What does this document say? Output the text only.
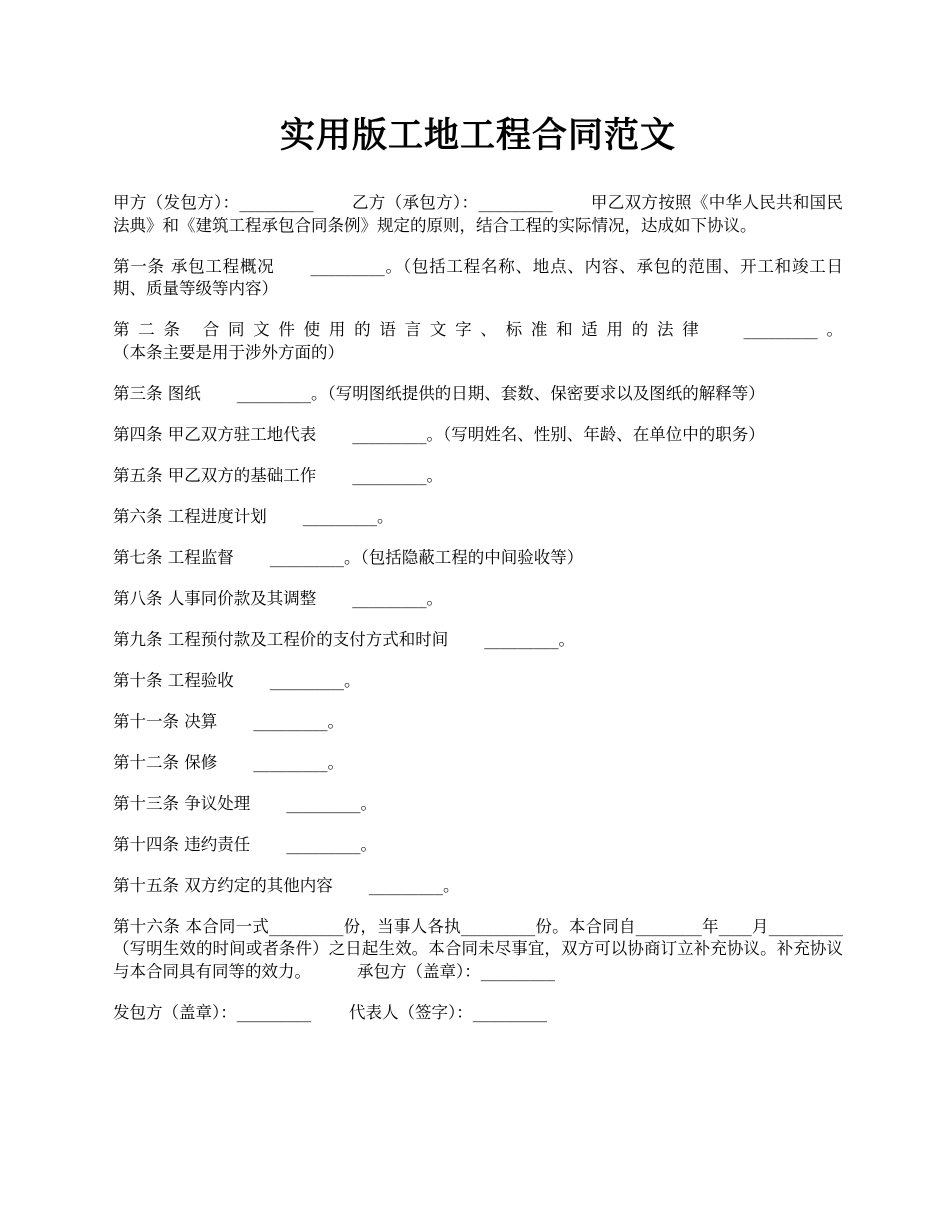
实用版工地工程合同范文

甲方（发包方）：_________ 乙方（承包方）：_________ 甲乙双方按照《中华人民共和国民法典》和《建筑工程承包合同条例》规定的原则，结合工程的实际情况，达成如下协议。

第一条 承包工程概况 _________。（包括工程名称、地点、内容、承包的范围、开工和竣工日期、质量等级等内容）

第二条 合同文件使用的语言文字、标准和适用的法律 _________。（本条主要是用于涉外方面的）

第三条 图纸 _________。（写明图纸提供的日期、套数、保密要求以及图纸的解释等）

第四条 甲乙双方驻工地代表 _________。（写明姓名、性别、年龄、在单位中的职务）

第五条 甲乙双方的基础工作 _________。

第六条 工程进度计划 _________。

第七条 工程监督 _________。（包括隐蔽工程的中间验收等）

第八条 人事同价款及其调整 _________。

第九条 工程预付款及工程价的支付方式和时间 _________。

第十条 工程验收 _________。

第十一条 决算 _________。

第十二条 保修 _________。

第十三条 争议处理 _________。

第十四条 违约责任 _________。

第十五条 双方约定的其他内容 _________。

第十六条 本合同一式_________份，当事人各执_________份。本合同自________年____月_________（写明生效的时间或者条件）之日起生效。本合同未尽事宜，双方可以协商订立补充协议。补充协议与本合同具有同等的效力。	承包方（盖章）：_________

发包方（盖章）：_________ 代表人（签字）：_________
